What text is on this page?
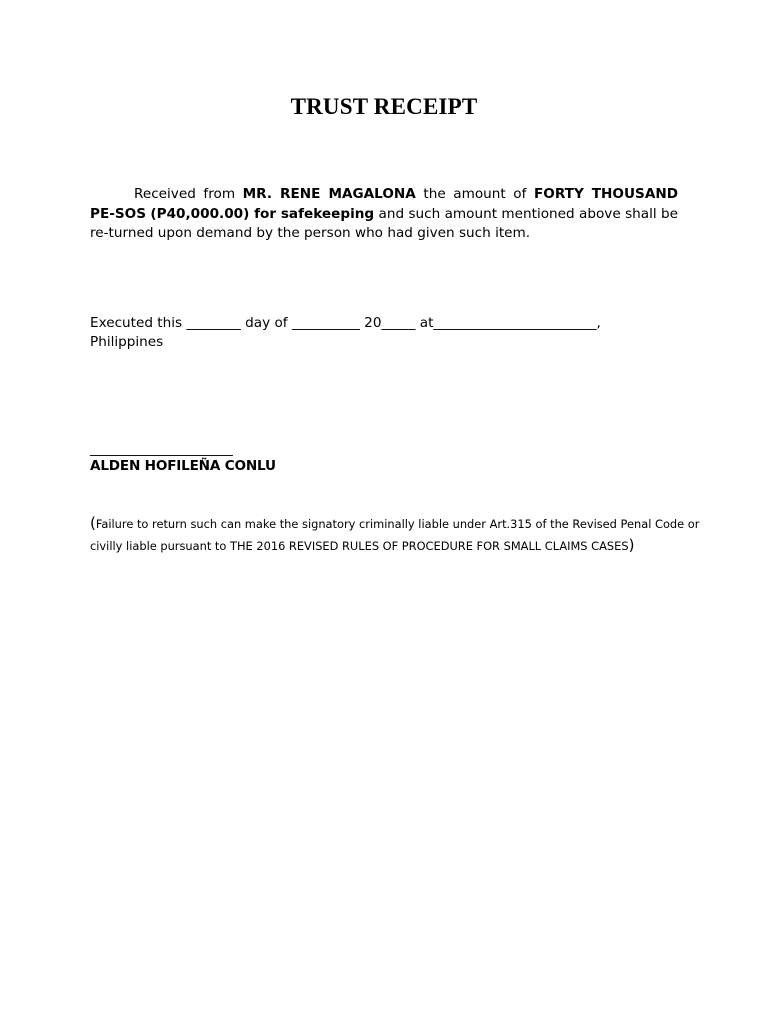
TRUST RECEIPT
Received from MR. RENE MAGALONA the amount of FORTY THOUSAND PE-SOS (P40,000.00) for safekeeping and such amount mentioned above shall be re-turned upon demand by the person who had given such item.
Executed this ________ day of __________ 20_____ at________________________,
Philippines
_____________________
ALDEN HOFILEÑA CONLU
(Failure to return such can make the signatory criminally liable under Art.315 of the Revised Penal Code or civilly liable pursuant to THE 2016 REVISED RULES OF PROCEDURE FOR SMALL CLAIMS CASES)
